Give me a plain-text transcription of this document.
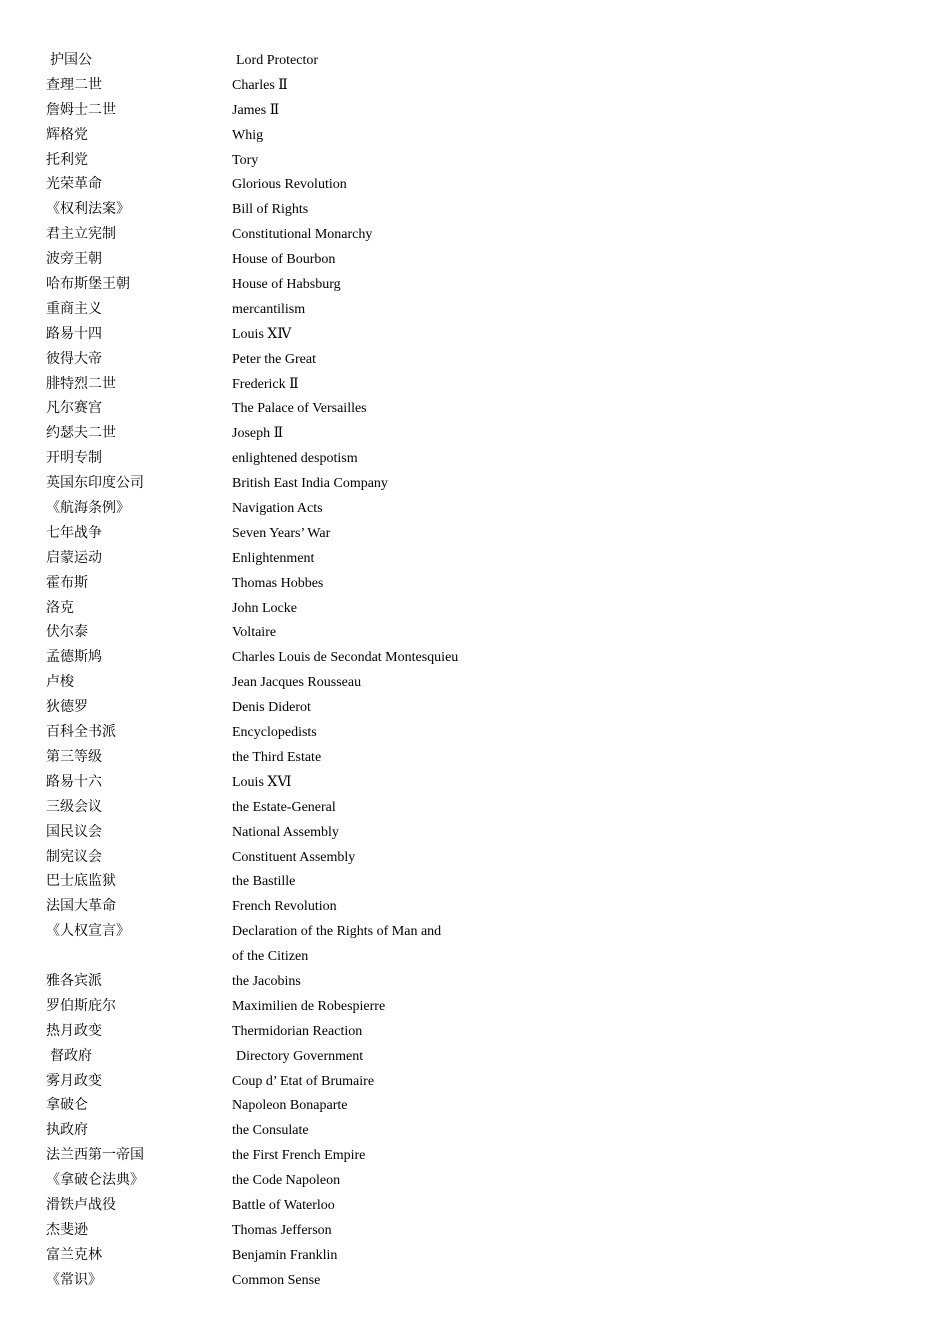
护国公	Lord Protector
查理二世	Charles Ⅱ
詹姆士二世	James Ⅱ
辉格党	Whig
托利党	Tory
光荣革命	Glorious Revolution
《权利法案》	Bill of Rights
君主立宪制	Constitutional Monarchy
波旁王朝	House of Bourbon
哈布斯堡王朝	House of Habsburg
重商主义	mercantilism
路易十四	Louis ⅩⅣ
彼得大帝	Peter the Great
腓特烈二世	Frederick Ⅱ
凡尔赛宫	The Palace of Versailles
约瑟夫二世	Joseph Ⅱ
开明专制	enlightened despotism
英国东印度公司	British East India Company
《航海条例》	Navigation Acts
七年战争	Seven Years’ War
启蒙运动	Enlightenment
霍布斯	Thomas Hobbes
洛克	John Locke
伏尔泰	Voltaire
孟德斯鸠	Charles Louis de Secondat Montesquieu
卢梭	Jean Jacques Rousseau
狄德罗	Denis Diderot
百科全书派	Encyclopedists
第三等级	the Third Estate
路易十六	Louis ⅩⅥ
三级会议	the Estate-General
国民议会	National Assembly
制宪议会	Constituent Assembly
巴士底监狱	the Bastille
法国大革命	French Revolution
《人权宣言》	Declaration of the Rights of Man and
of the Citizen
雅各宾派	the Jacobins
罗伯斯庇尔	Maximilien de Robespierre
热月政变	Thermidorian Reaction
督政府	Directory Government
雾月政变	Coup d’ Etat of Brumaire
拿破仑	Napoleon Bonaparte
执政府	the Consulate
法兰西第一帝国	the First French Empire
《拿破仑法典》	the Code Napoleon
滑铁卢战役	Battle of Waterloo
杰斐逊	Thomas Jefferson
富兰克林	Benjamin Franklin
《常识》	Common Sense
